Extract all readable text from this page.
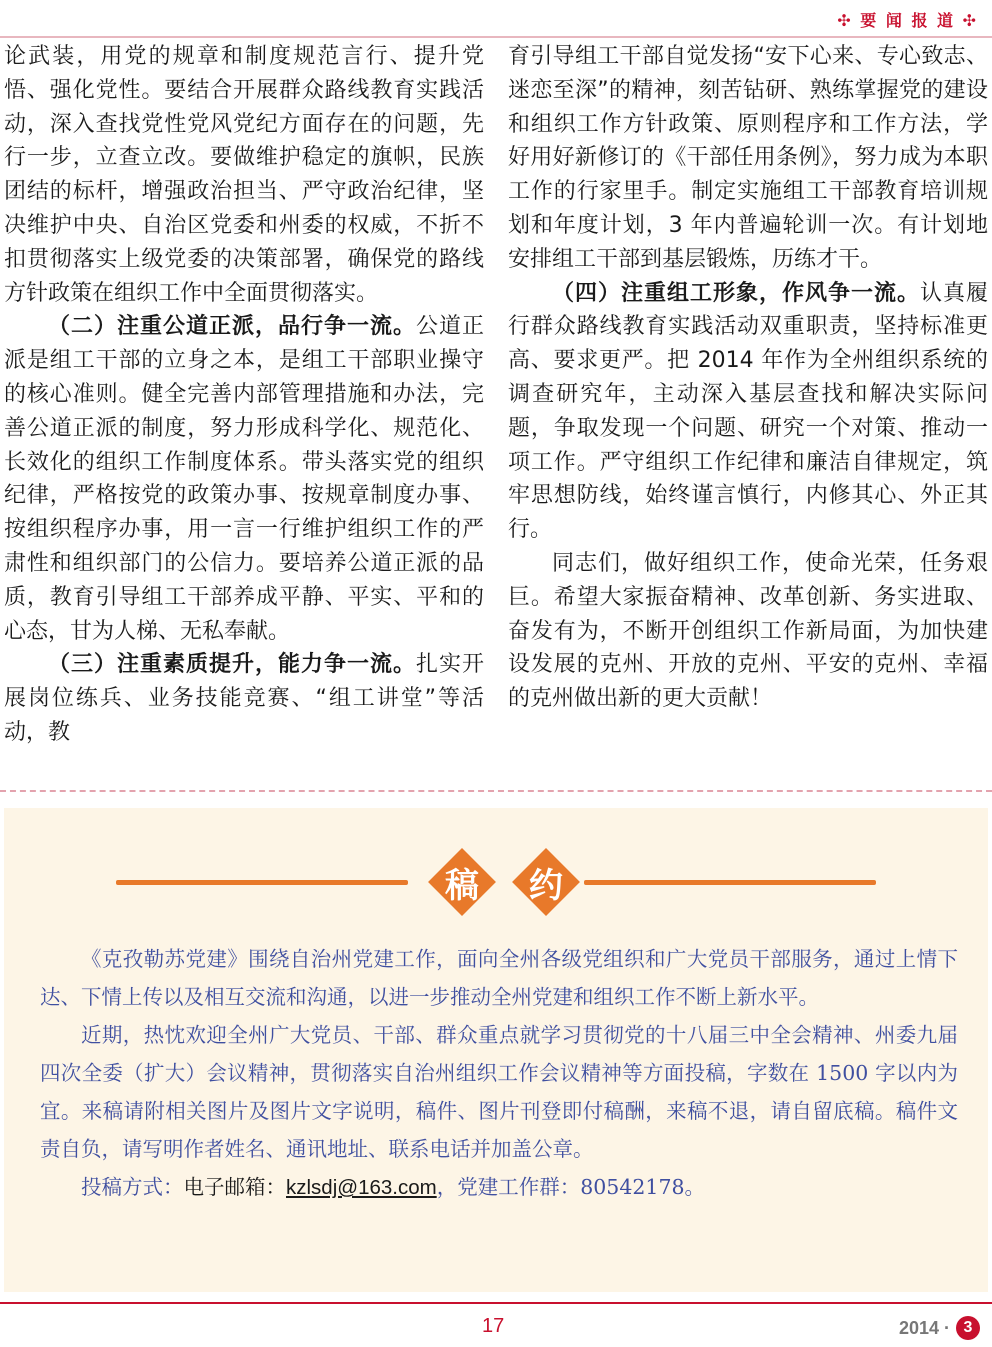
✣ 要 闻 报 道 ✣

论武装，用党的规章和制度规范言行、提升党悟、强化党性。要结合开展群众路线教育实践活动，深入查找党性党风党纪方面存在的问题，先行一步，立查立改。要做维护稳定的旗帜，民族团结的标杆，增强政治担当、严守政治纪律，坚决维护中央、自治区党委和州委的权威，不折不扣贯彻落实上级党委的决策部署，确保党的路线方针政策在组织工作中全面贯彻落实。

（二）注重公道正派，品行争一流。公道正派是组工干部的立身之本，是组工干部职业操守的核心准则。健全完善内部管理措施和办法，完善公道正派的制度，努力形成科学化、规范化、长效化的组织工作制度体系。带头落实党的组织纪律，严格按党的政策办事、按规章制度办事、按组织程序办事，用一言一行维护组织工作的严肃性和组织部门的公信力。要培养公道正派的品质，教育引导组工干部养成平静、平实、平和的心态，甘为人梯、无私奉献。

（三）注重素质提升，能力争一流。扎实开展岗位练兵、业务技能竞赛、“组工讲堂”等活动，教

育引导组工干部自觉发扬“安下心来、专心致志、迷恋至深”的精神，刻苦钻研、熟练掌握党的建设和组织工作方针政策、原则程序和工作方法，学好用好新修订的《干部任用条例》，努力成为本职工作的行家里手。制定实施组工干部教育培训规划和年度计划，3 年内普遍轮训一次。有计划地安排组工干部到基层锻炼，历练才干。

（四）注重组工形象，作风争一流。认真履行群众路线教育实践活动双重职责，坚持标准更高、要求更严。把 2014 年作为全州组织系统的调查研究年，主动深入基层查找和解决实际问题，争取发现一个问题、研究一个对策、推动一项工作。严守组织工作纪律和廉洁自律规定，筑牢思想防线，始终谨言慎行，内修其心、外正其行。

同志们，做好组织工作，使命光荣，任务艰巨。希望大家振奋精神、改革创新、务实进取、奋发有为，不断开创组织工作新局面，为加快建设发展的克州、开放的克州、平安的克州、幸福的克州做出新的更大贡献！

稿	约

《克孜勒苏党建》围绕自治州党建工作，面向全州各级党组织和广大党员干部服务，通过上情下达、下情上传以及相互交流和沟通，以进一步推动全州党建和组织工作不断上新水平。

近期，热忱欢迎全州广大党员、干部、群众重点就学习贯彻党的十八届三中全会精神、州委九届四次全委（扩大）会议精神，贯彻落实自治州组织工作会议精神等方面投稿，字数在 1500 字以内为宜。来稿请附相关图片及图片文字说明，稿件、图片刊登即付稿酬，来稿不退，请自留底稿。稿件文责自负，请写明作者姓名、通讯地址、联系电话并加盖公章。

投稿方式：电子邮箱：kzlsdj@163.com，党建工作群：80542178。

17	2014 · 3
